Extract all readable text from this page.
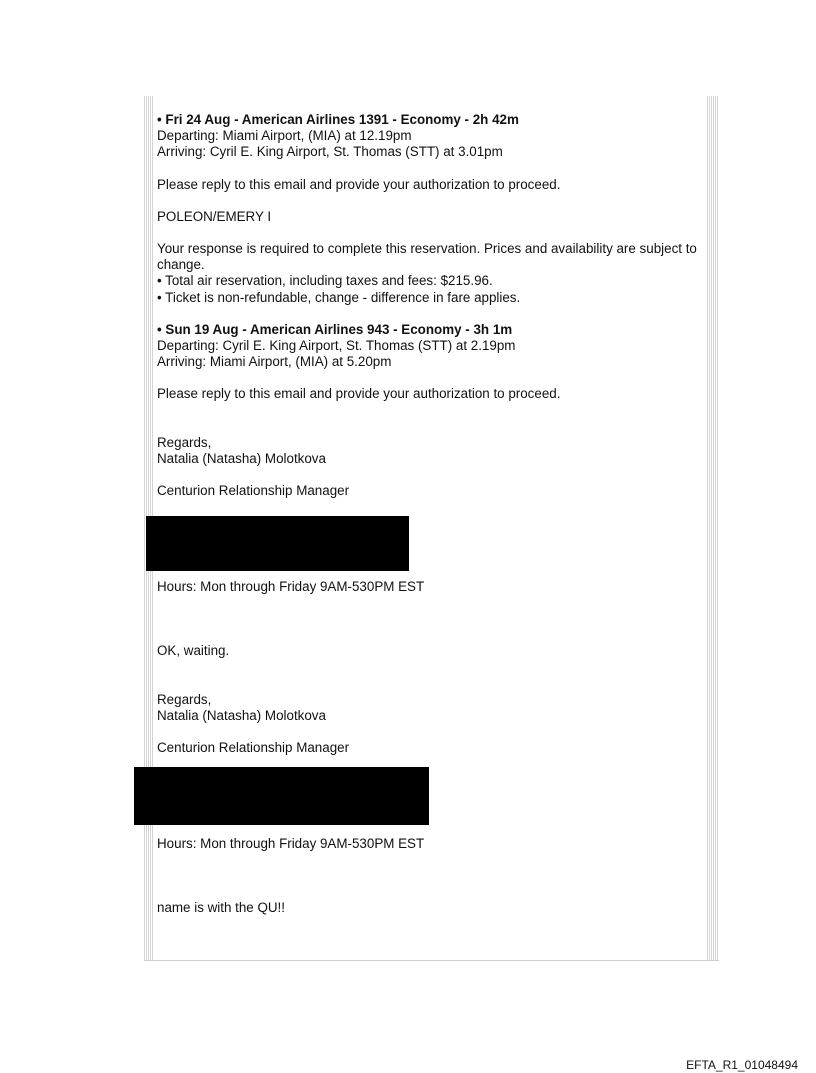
• Fri 24 Aug - American Airlines 1391 - Economy - 2h 42m

Departing: Miami Airport, (MIA) at 12.19pm

Arriving: Cyril E. King Airport, St. Thomas (STT) at 3.01pm

Please reply to this email and provide your authorization to proceed.

POLEON/EMERY I

Your response is required to complete this reservation. Prices and availability are subject to change.

• Total air reservation, including taxes and fees: $215.96.

• Ticket is non-refundable, change - difference in fare applies.

• Sun 19 Aug - American Airlines 943 - Economy - 3h 1m

Departing: Cyril E. King Airport, St. Thomas (STT) at 2.19pm

Arriving: Miami Airport, (MIA) at 5.20pm

Please reply to this email and provide your authorization to proceed.

Regards,

Natalia (Natasha) Molotkova

Centurion Relationship Manager

Hours: Mon through Friday 9AM-530PM EST

OK, waiting.

Regards,

Natalia (Natasha) Molotkova

Centurion Relationship Manager

Hours: Mon through Friday 9AM-530PM EST

name is with the QU!!

EFTA_R1_01048494
